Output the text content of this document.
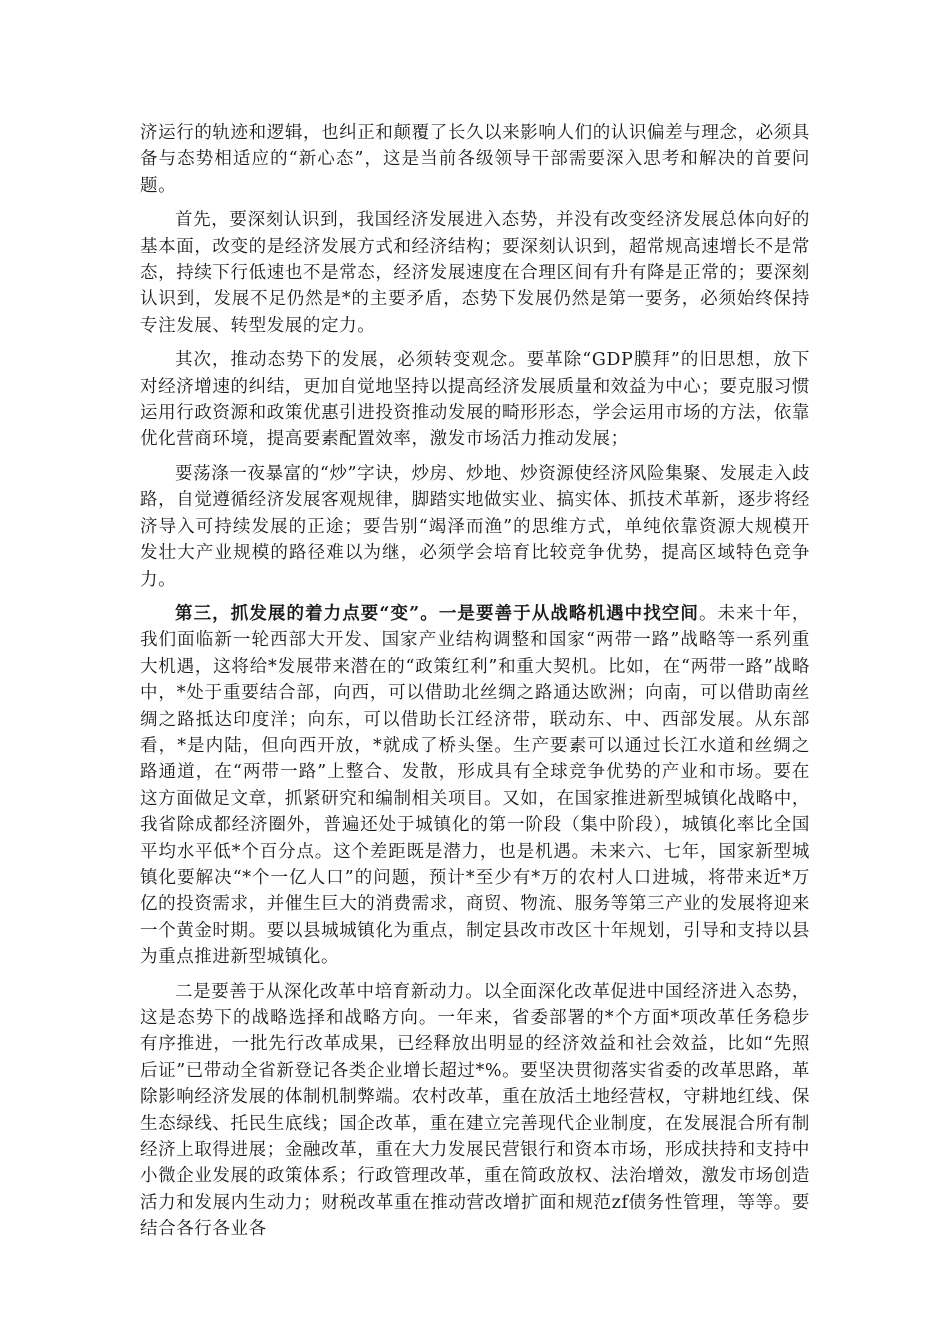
济运行的轨迹和逻辑，也纠正和颠覆了长久以来影响人们的认识偏差与理念，必须具备与态势相适应的“新心态”，这是当前各级领导干部需要深入思考和解决的首要问题。

首先，要深刻认识到，我国经济发展进入态势，并没有改变经济发展总体向好的基本面，改变的是经济发展方式和经济结构；要深刻认识到，超常规高速增长不是常态，持续下行低速也不是常态，经济发展速度在合理区间有升有降是正常的；要深刻认识到，发展不足仍然是*的主要矛盾，态势下发展仍然是第一要务，必须始终保持专注发展、转型发展的定力。

其次，推动态势下的发展，必须转变观念。要革除“GDP膜拜”的旧思想，放下对经济增速的纠结，更加自觉地坚持以提高经济发展质量和效益为中心；要克服习惯运用行政资源和政策优惠引进投资推动发展的畸形形态，学会运用市场的方法，依靠优化营商环境，提高要素配置效率，激发市场活力推动发展；

要荡涤一夜暴富的“炒”字诀，炒房、炒地、炒资源使经济风险集聚、发展走入歧路，自觉遵循经济发展客观规律，脚踏实地做实业、搞实体、抓技术革新，逐步将经济导入可持续发展的正途；要告别“竭泽而渔”的思维方式，单纯依靠资源大规模开发壮大产业规模的路径难以为继，必须学会培育比较竞争优势，提高区域特色竞争力。

第三，抓发展的着力点要“变”。一是要善于从战略机遇中找空间。未来十年，我们面临新一轮西部大开发、国家产业结构调整和国家“两带一路”战略等一系列重大机遇，这将给*发展带来潜在的“政策红利”和重大契机。比如，在“两带一路”战略中，*处于重要结合部，向西，可以借助北丝绸之路通达欧洲；向南，可以借助南丝绸之路抵达印度洋；向东，可以借助长江经济带，联动东、中、西部发展。从东部看，*是内陆，但向西开放，*就成了桥头堡。生产要素可以通过长江水道和丝绸之路通道，在“两带一路”上整合、发散，形成具有全球竞争优势的产业和市场。要在这方面做足文章，抓紧研究和编制相关项目。又如，在国家推进新型城镇化战略中，我省除成都经济圈外，普遍还处于城镇化的第一阶段（集中阶段），城镇化率比全国平均水平低*个百分点。这个差距既是潜力，也是机遇。未来六、七年，国家新型城镇化要解决“*个一亿人口”的问题，预计*至少有*万的农村人口进城，将带来近*万亿的投资需求，并催生巨大的消费需求，商贸、物流、服务等第三产业的发展将迎来一个黄金时期。要以县城城镇化为重点，制定县改市改区十年规划，引导和支持以县为重点推进新型城镇化。

二是要善于从深化改革中培育新动力。以全面深化改革促进中国经济进入态势，这是态势下的战略选择和战略方向。一年来，省委部署的*个方面*项改革任务稳步有序推进，一批先行改革成果，已经释放出明显的经济效益和社会效益，比如“先照后证”已带动全省新登记各类企业增长超过*%。要坚决贯彻落实省委的改革思路，革除影响经济发展的体制机制弊端。农村改革，重在放活土地经营权，守耕地红线、保生态绿线、托民生底线；国企改革，重在建立完善现代企业制度，在发展混合所有制经济上取得进展；金融改革，重在大力发展民营银行和资本市场，形成扶持和支持中小微企业发展的政策体系；行政管理改革，重在简政放权、法治增效，激发市场创造活力和发展内生动力；财税改革重在推动营改增扩面和规范zf债务性管理，等等。要结合各行各业各
